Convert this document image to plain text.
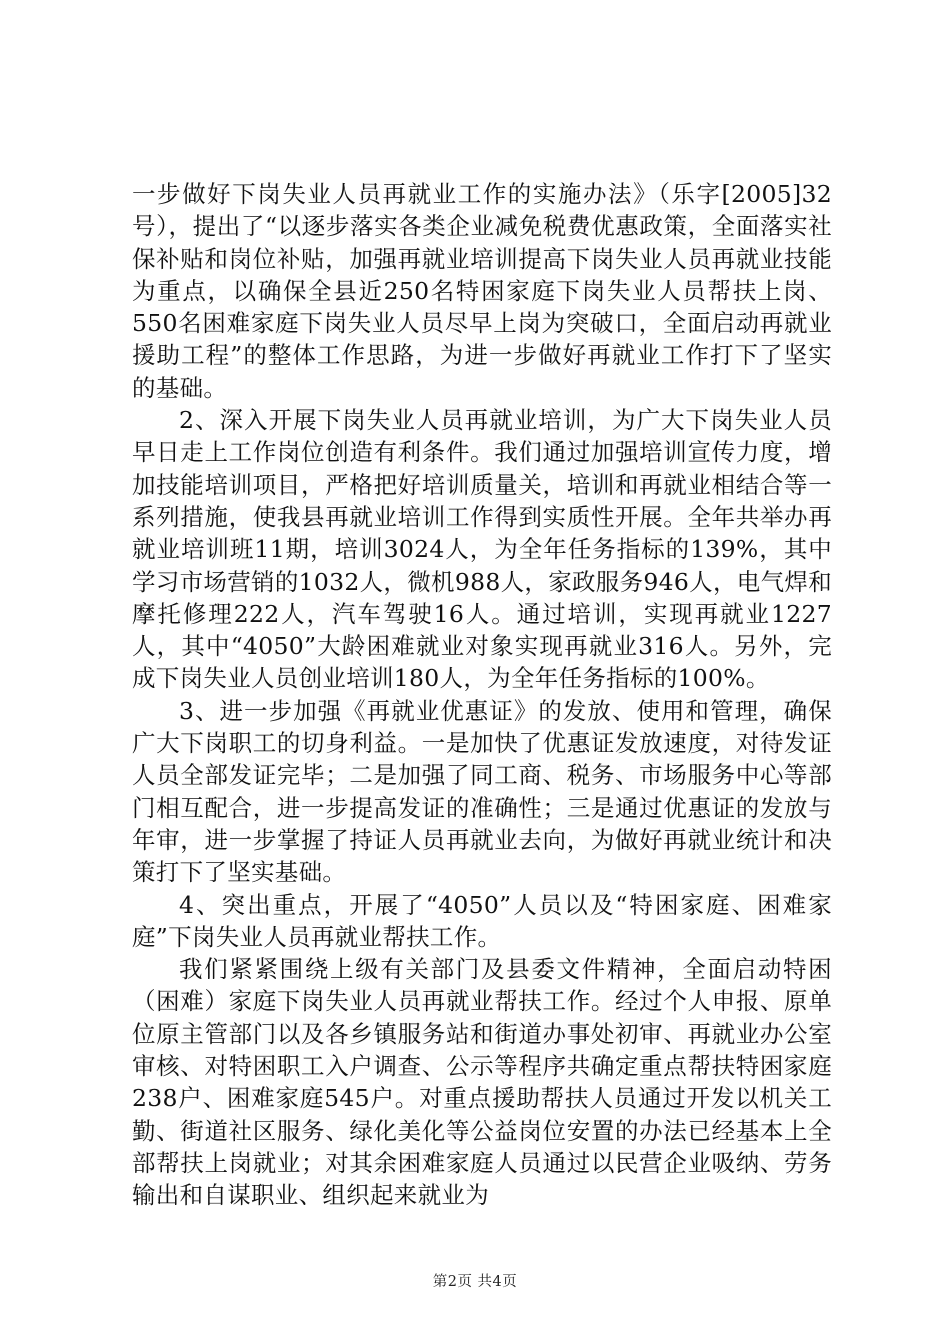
一步做好下岗失业人员再就业工作的实施办法》（乐字[2005]32号），提出了“以逐步落实各类企业减免税费优惠政策，全面落实社保补贴和岗位补贴，加强再就业培训提高下岗失业人员再就业技能为重点，以确保全县近250名特困家庭下岗失业人员帮扶上岗、550名困难家庭下岗失业人员尽早上岗为突破口，全面启动再就业援助工程”的整体工作思路，为进一步做好再就业工作打下了坚实的基础。

2、深入开展下岗失业人员再就业培训，为广大下岗失业人员早日走上工作岗位创造有利条件。我们通过加强培训宣传力度，增加技能培训项目，严格把好培训质量关，培训和再就业相结合等一系列措施，使我县再就业培训工作得到实质性开展。全年共举办再就业培训班11期，培训3024人，为全年任务指标的139%，其中学习市场营销的1032人，微机988人，家政服务946人，电气焊和摩托修理222人，汽车驾驶16人。通过培训，实现再就业1227人，其中“4050”大龄困难就业对象实现再就业316人。另外，完成下岗失业人员创业培训180人，为全年任务指标的100%。

3、进一步加强《再就业优惠证》的发放、使用和管理，确保广大下岗职工的切身利益。一是加快了优惠证发放速度，对待发证人员全部发证完毕；二是加强了同工商、税务、市场服务中心等部门相互配合，进一步提高发证的准确性；三是通过优惠证的发放与年审，进一步掌握了持证人员再就业去向，为做好再就业统计和决策打下了坚实基础。

4、突出重点，开展了“4050”人员以及“特困家庭、困难家庭”下岗失业人员再就业帮扶工作。

我们紧紧围绕上级有关部门及县委文件精神，全面启动特困（困难）家庭下岗失业人员再就业帮扶工作。经过个人申报、原单位原主管部门以及各乡镇服务站和街道办事处初审、再就业办公室审核、对特困职工入户调查、公示等程序共确定重点帮扶特困家庭238户、困难家庭545户。对重点援助帮扶人员通过开发以机关工勤、街道社区服务、绿化美化等公益岗位安置的办法已经基本上全部帮扶上岗就业；对其余困难家庭人员通过以民营企业吸纳、劳务输出和自谋职业、组织起来就业为

第2页 共4页
